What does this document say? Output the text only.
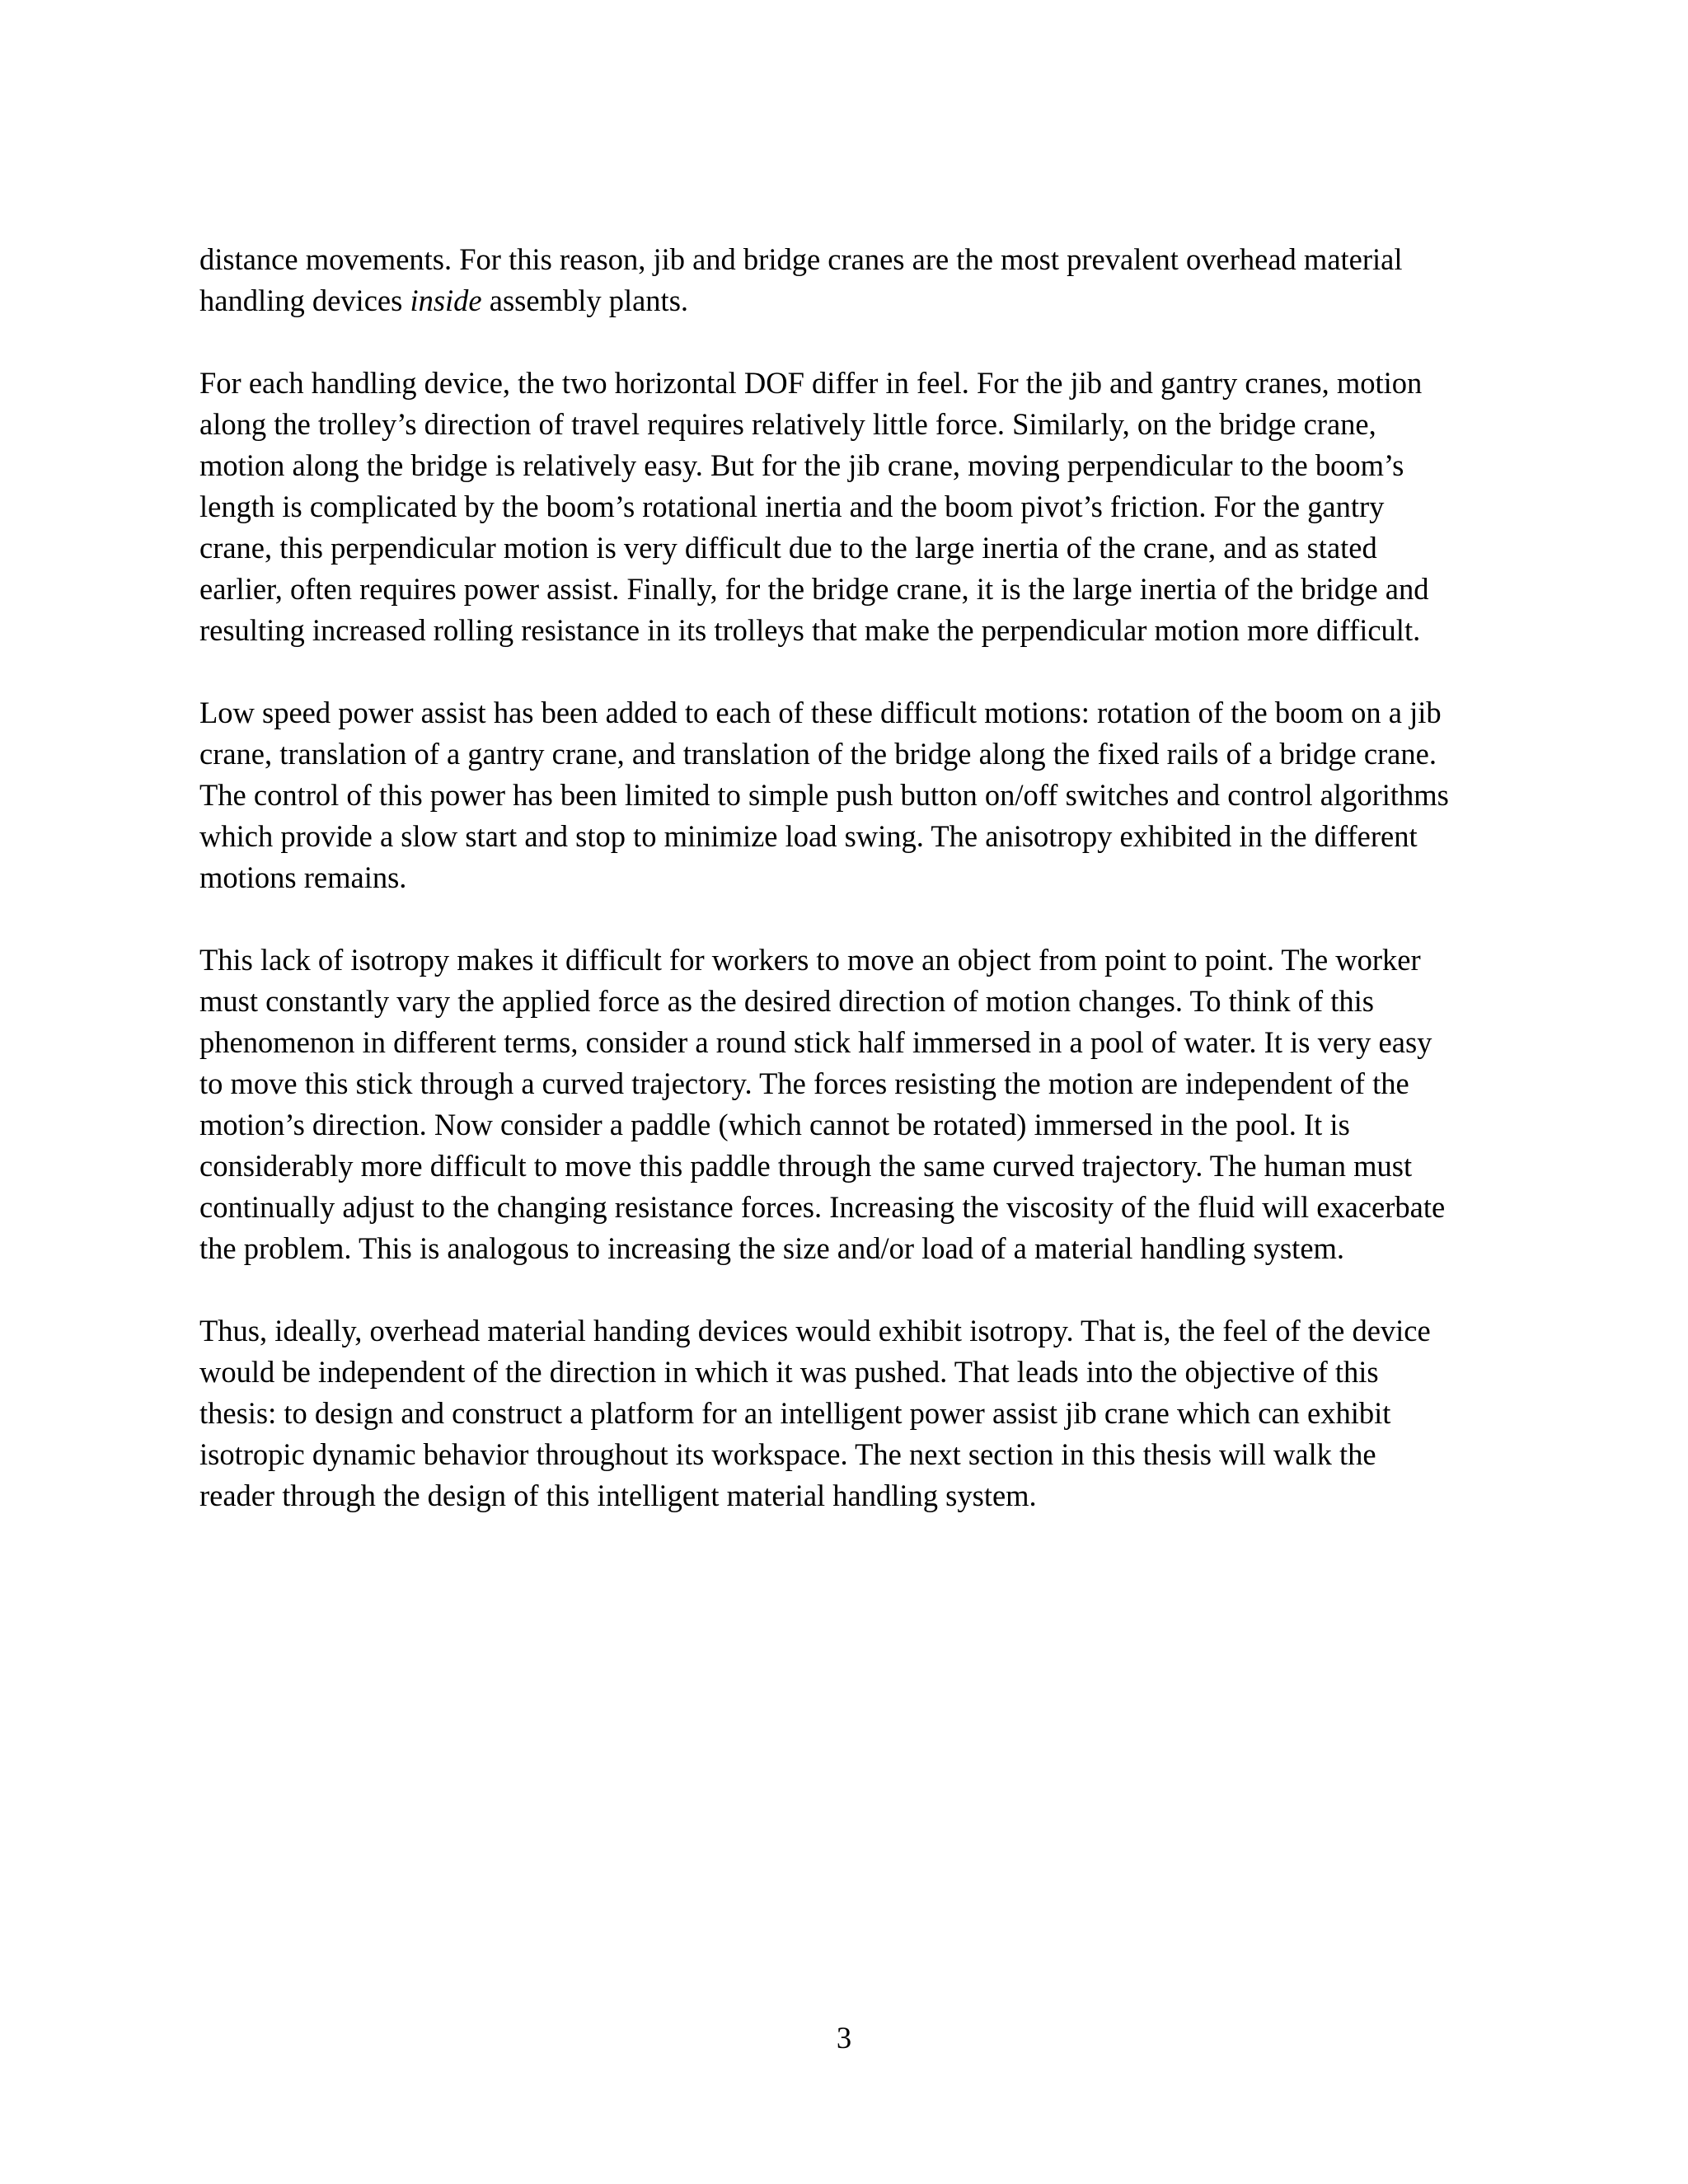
distance movements. For this reason, jib and bridge cranes are the most prevalent overhead material
handling devices inside assembly plants.
For each handling device, the two horizontal DOF differ in feel. For the jib and gantry cranes, motion
along the trolley’s direction of travel requires relatively little force. Similarly, on the bridge crane,
motion along the bridge is relatively easy. But for the jib crane, moving perpendicular to the boom’s
length is complicated by the boom’s rotational inertia and the boom pivot’s friction. For the gantry
crane, this perpendicular motion is very difficult due to the large inertia of the crane, and as stated
earlier, often requires power assist. Finally, for the bridge crane, it is the large inertia of the bridge and
resulting increased rolling resistance in its trolleys that make the perpendicular motion more difficult.
Low speed power assist has been added to each of these difficult motions: rotation of the boom on a jib
crane, translation of a gantry crane, and translation of the bridge along the fixed rails of a bridge crane.
The control of this power has been limited to simple push button on/off switches and control algorithms
which provide a slow start and stop to minimize load swing. The anisotropy exhibited in the different
motions remains.
This lack of isotropy makes it difficult for workers to move an object from point to point. The worker
must constantly vary the applied force as the desired direction of motion changes. To think of this
phenomenon in different terms, consider a round stick half immersed in a pool of water. It is very easy
to move this stick through a curved trajectory. The forces resisting the motion are independent of the
motion’s direction. Now consider a paddle (which cannot be rotated) immersed in the pool. It is
considerably more difficult to move this paddle through the same curved trajectory. The human must
continually adjust to the changing resistance forces. Increasing the viscosity of the fluid will exacerbate
the problem. This is analogous to increasing the size and/or load of a material handling system.
Thus, ideally, overhead material handing devices would exhibit isotropy. That is, the feel of the device
would be independent of the direction in which it was pushed. That leads into the objective of this
thesis: to design and construct a platform for an intelligent power assist jib crane which can exhibit
isotropic dynamic behavior throughout its workspace. The next section in this thesis will walk the
reader through the design of this intelligent material handling system.
3
